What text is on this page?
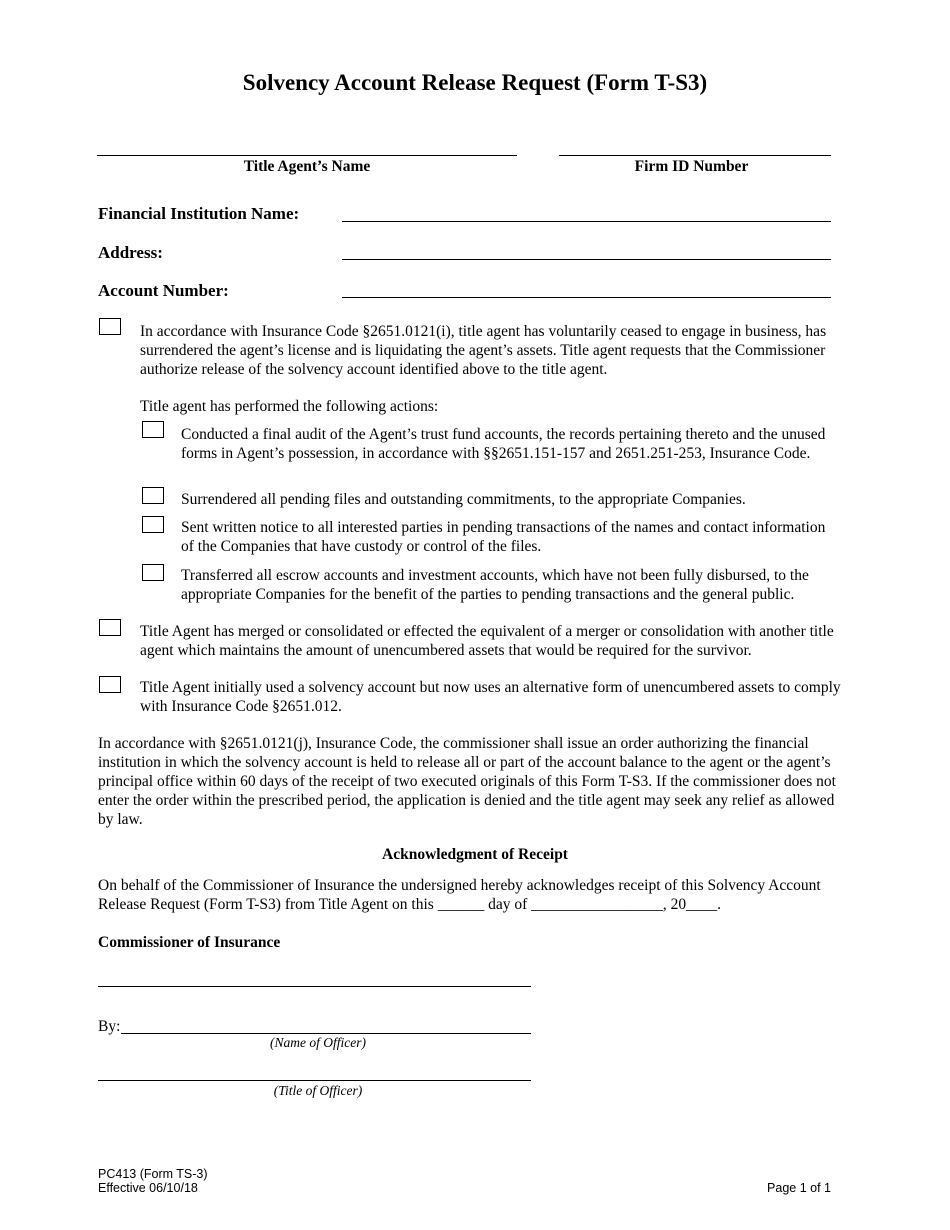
Solvency Account Release Request (Form T-S3)
Title Agent’s Name	Firm ID Number
Financial Institution Name:
Address:
Account Number:
In accordance with Insurance Code §2651.0121(i), title agent has voluntarily ceased to engage in business, has surrendered the agent’s license and is liquidating the agent’s assets. Title agent requests that the Commissioner authorize release of the solvency account identified above to the title agent.
Title agent has performed the following actions:
Conducted a final audit of the Agent’s trust fund accounts, the records pertaining thereto and the unused forms in Agent’s possession, in accordance with §§2651.151-157 and 2651.251-253, Insurance Code.
Surrendered all pending files and outstanding commitments, to the appropriate Companies.
Sent written notice to all interested parties in pending transactions of the names and contact information of the Companies that have custody or control of the files.
Transferred all escrow accounts and investment accounts, which have not been fully disbursed, to the appropriate Companies for the benefit of the parties to pending transactions and the general public.
Title Agent has merged or consolidated or effected the equivalent of a merger or consolidation with another title agent which maintains the amount of unencumbered assets that would be required for the survivor.
Title Agent initially used a solvency account but now uses an alternative form of unencumbered assets to comply with Insurance Code §2651.012.
In accordance with §2651.0121(j), Insurance Code, the commissioner shall issue an order authorizing the financial institution in which the solvency account is held to release all or part of the account balance to the agent or the agent’s principal office within 60 days of the receipt of two executed originals of this Form T-S3. If the commissioner does not enter the order within the prescribed period, the application is denied and the title agent may seek any relief as allowed by law.
Acknowledgment of Receipt
On behalf of the Commissioner of Insurance the undersigned hereby acknowledges receipt of this Solvency Account Release Request (Form T-S3) from Title Agent on this ______ day of _________________, 20____.
Commissioner of Insurance
By:
(Name of Officer)
(Title of Officer)
PC413 (Form TS-3)
Effective 06/10/18	Page 1 of 1
